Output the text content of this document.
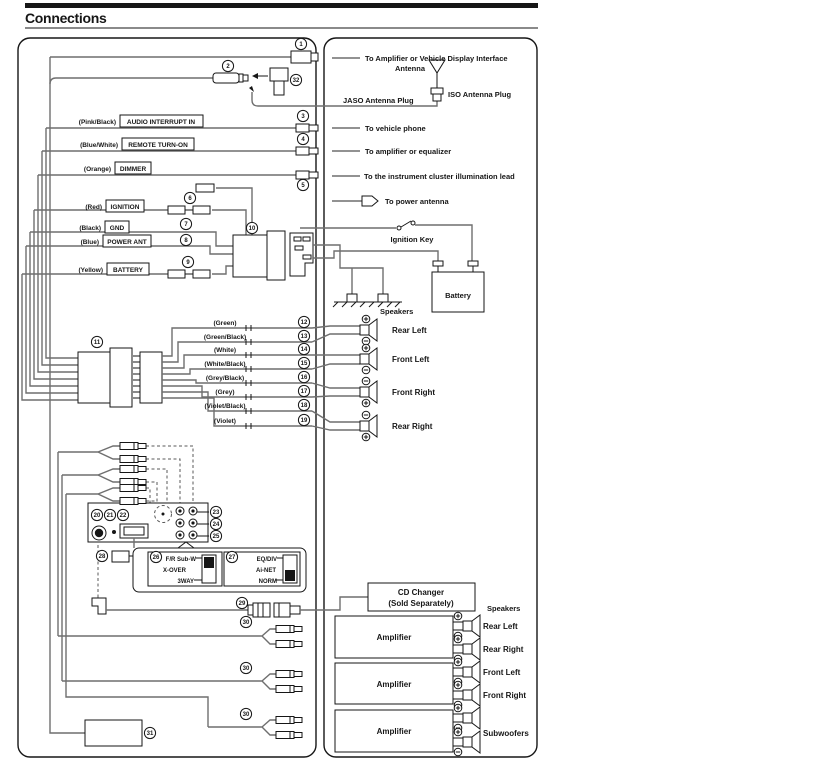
Connections
AUDIO INTERRUPT IN
(Pink/Black)
REMOTE TURN-ON
(Blue/White)
DIMMER
(Orange)
IGNITION
(Red)
GND
(Black)
POWER ANT
(Blue)
BATTERY
(Yellow)
F/R Sub-W
X-OVER
3WAY
EQ/DIV
Ai-NET
NORM
To Amplifier or Vehicle Display Interface
Antenna
ISO Antenna Plug
JASO Antenna Plug
To vehicle phone
To amplifier or equalizer
To the instrument cluster illumination lead
To power antenna
Ignition Key
Speakers
Battery
CD Changer
(Sold Separately)
Speakers
Amplifier
Amplifier
Amplifier
1
2
3
4
5
6
7
8
9
10
11
12
13
14
15
16
17
18
19
20 21 22	23
24
25
26	27
28
29
30
30
30
31
32
(Green)
(Green/Black)
(White)
(White/Black)
(Grey/Black)
(Grey)
(Violet/Black)
(Violet)
Rear Left
Front Left
Front Right
Rear Right
Rear Left
Rear Right
Front Left
Front Right
Subwoofers
